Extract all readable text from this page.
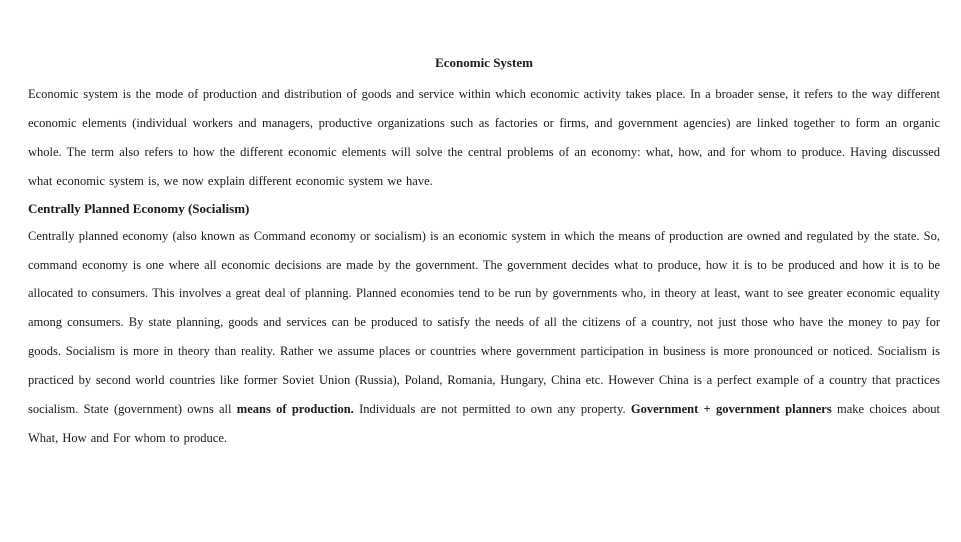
Economic System

Economic system is the mode of production and distribution of goods and service within which economic activity takes place. In a broader sense, it refers to the way different economic elements (individual workers and managers, productive organizations such as factories or firms, and government agencies) are linked together to form an organic whole. The term also refers to how the different economic elements will solve the central problems of an economy: what, how, and for whom to produce. Having discussed what economic system is, we now explain different economic system we have.

Centrally Planned Economy (Socialism)

Centrally planned economy (also known as Command economy or socialism) is an economic system in which the means of production are owned and regulated by the state. So, command economy is one where all economic decisions are made by the government. The government decides what to produce, how it is to be produced and how it is to be allocated to consumers. This involves a great deal of planning. Planned economies tend to be run by governments who, in theory at least, want to see greater economic equality among consumers. By state planning, goods and services can be produced to satisfy the needs of all the citizens of a country, not just those who have the money to pay for goods. Socialism is more in theory than reality. Rather we assume places or countries where government participation in business is more pronounced or noticed. Socialism is practiced by second world countries like former Soviet Union (Russia), Poland, Romania, Hungary, China etc. However China is a perfect example of a country that practices socialism. State (government) owns all means of production. Individuals are not permitted to own any property. Government + government planners make choices about What, How and For whom to produce.
